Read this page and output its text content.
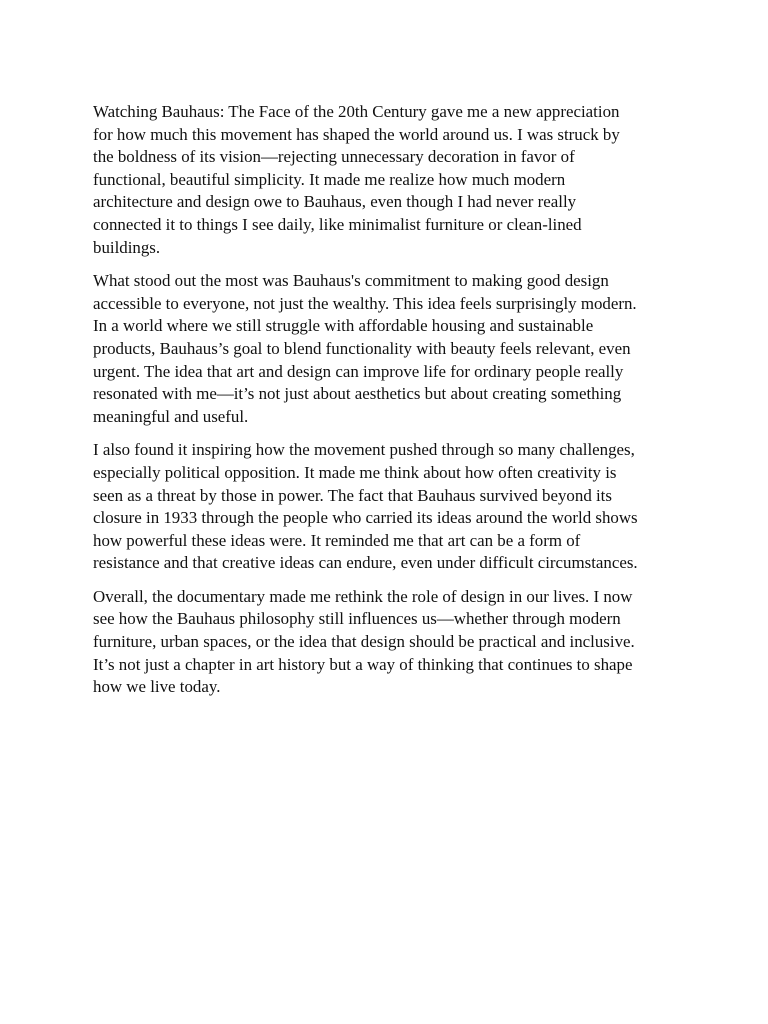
Watching Bauhaus: The Face of the 20th Century gave me a new appreciation
for how much this movement has shaped the world around us. I was struck by
the boldness of its vision—rejecting unnecessary decoration in favor of
functional, beautiful simplicity. It made me realize how much modern
architecture and design owe to Bauhaus, even though I had never really
connected it to things I see daily, like minimalist furniture or clean-lined
buildings.

What stood out the most was Bauhaus's commitment to making good design
accessible to everyone, not just the wealthy. This idea feels surprisingly modern.
In a world where we still struggle with affordable housing and sustainable
products, Bauhaus’s goal to blend functionality with beauty feels relevant, even
urgent. The idea that art and design can improve life for ordinary people really
resonated with me—it’s not just about aesthetics but about creating something
meaningful and useful.

I also found it inspiring how the movement pushed through so many challenges,
especially political opposition. It made me think about how often creativity is
seen as a threat by those in power. The fact that Bauhaus survived beyond its
closure in 1933 through the people who carried its ideas around the world shows
how powerful these ideas were. It reminded me that art can be a form of
resistance and that creative ideas can endure, even under difficult circumstances.

Overall, the documentary made me rethink the role of design in our lives. I now
see how the Bauhaus philosophy still influences us—whether through modern
furniture, urban spaces, or the idea that design should be practical and inclusive.
It’s not just a chapter in art history but a way of thinking that continues to shape
how we live today.
